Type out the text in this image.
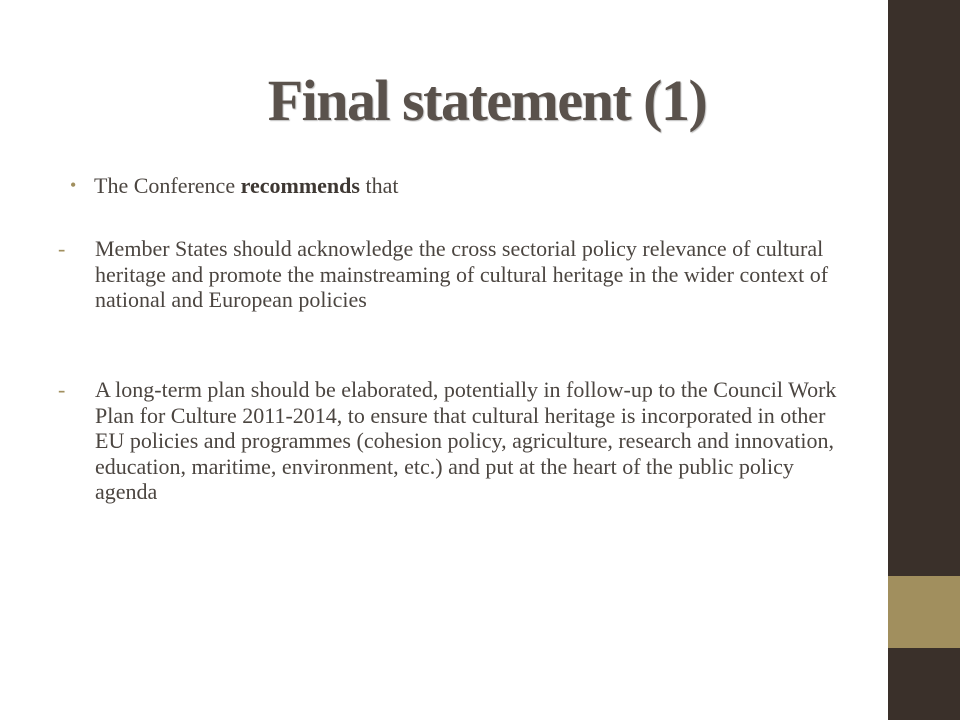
Final statement (1)
• The Conference recommends that
-	Member States should acknowledge the cross sectorial policy relevance of cultural heritage and promote the mainstreaming of cultural heritage in the wider context of national and European policies
-	A long-term plan should be elaborated, potentially in follow-up to the Council Work Plan for Culture 2011-2014, to ensure that cultural heritage is incorporated in other EU policies and programmes (cohesion policy, agriculture, research and innovation, education, maritime, environment, etc.) and put at the heart of the public policy agenda
